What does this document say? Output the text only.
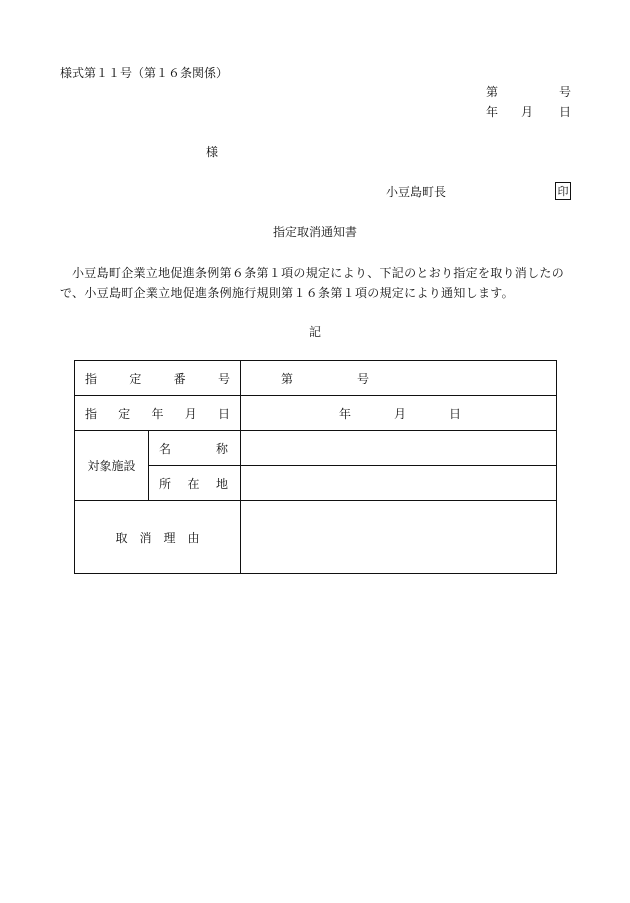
様式第１１号（第１６条関係）
第	号
年 月 日
様
小豆島町長	印
指定取消通知書
小豆島町企業立地促進条例第６条第１項の規定により、下記のとおり指定を取り消したので、小豆島町企業立地促進条例施行規則第１６条第１項の規定により通知します。
記
指 定 番 号		第 号

指 定 年 月 日		年 月 日

対象施設	名 称	

	所 在 地	

取　消　理　由		
